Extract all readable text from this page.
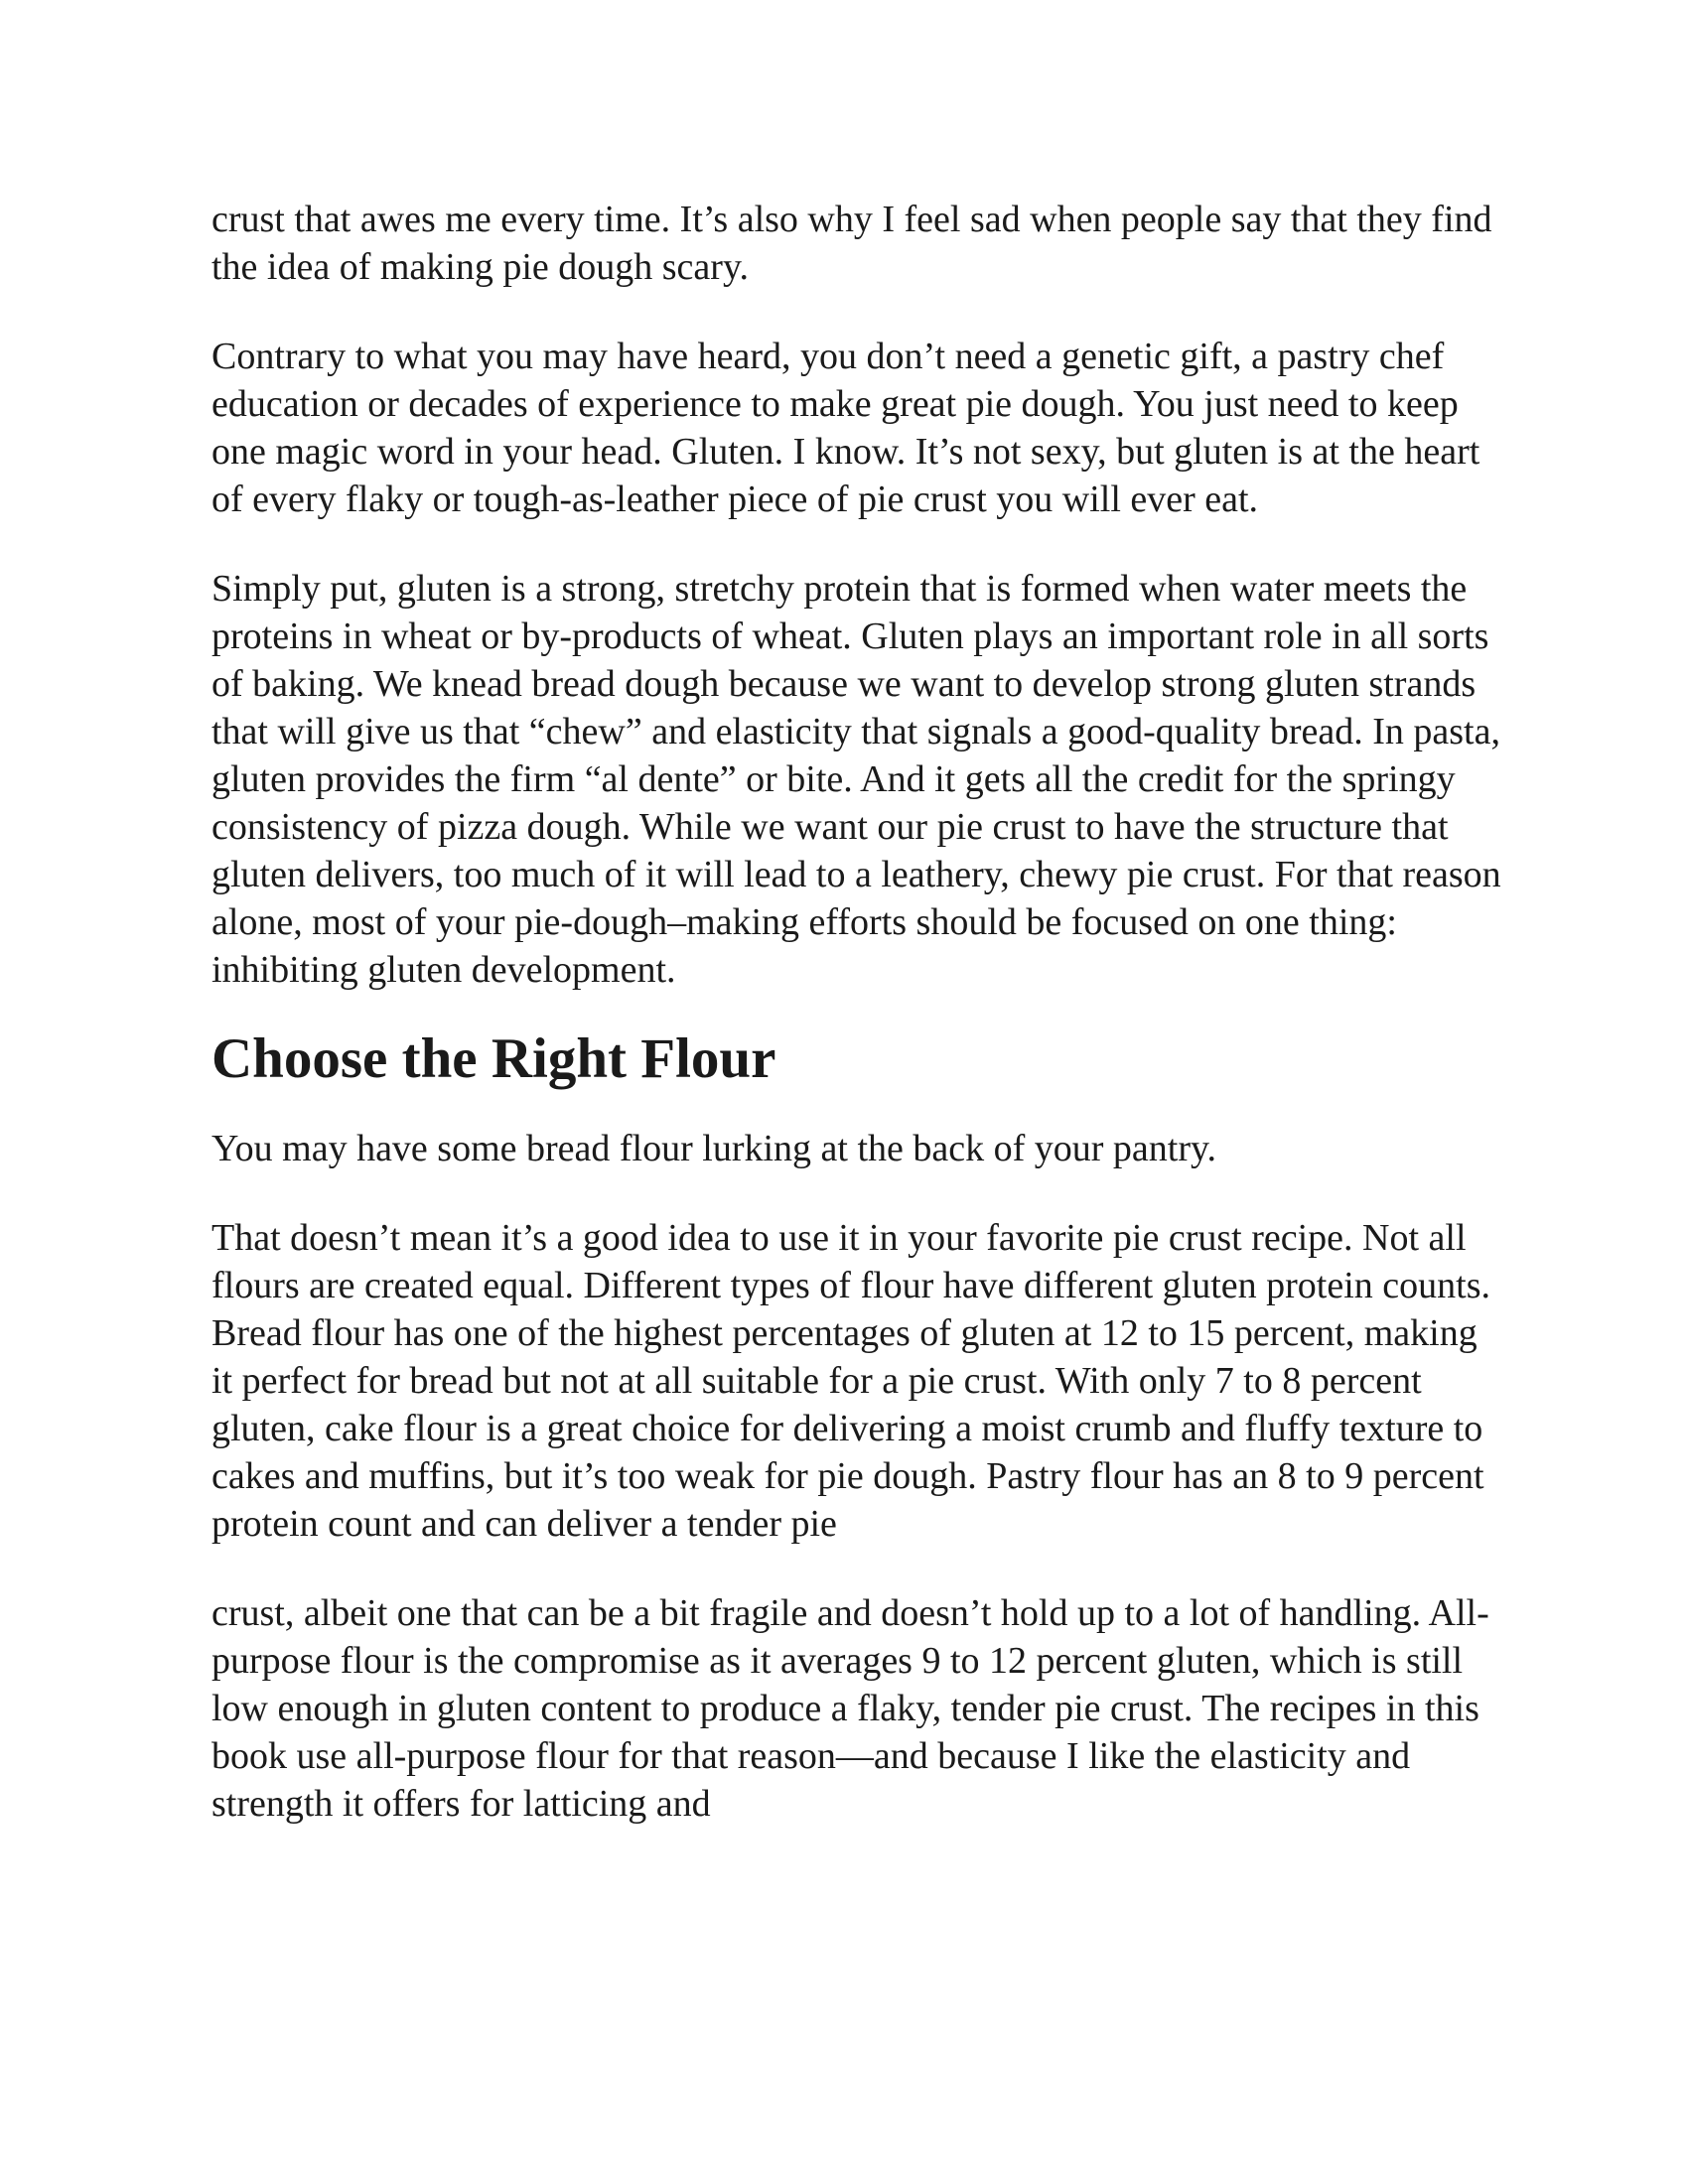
crust that awes me every time. It’s also why I feel sad when people say that they find the idea of making pie dough scary.

Contrary to what you may have heard, you don’t need a genetic gift, a pastry chef education or decades of experience to make great pie dough. You just need to keep one magic word in your head. Gluten. I know. It’s not sexy, but gluten is at the heart of every flaky or tough-as-leather piece of pie crust you will ever eat.

Simply put, gluten is a strong, stretchy protein that is formed when water meets the proteins in wheat or by-products of wheat. Gluten plays an important role in all sorts of baking. We knead bread dough because we want to develop strong gluten strands that will give us that “chew” and elasticity that signals a good-quality bread. In pasta, gluten provides the firm “al dente” or bite. And it gets all the credit for the springy consistency of pizza dough. While we want our pie crust to have the structure that gluten delivers, too much of it will lead to a leathery, chewy pie crust. For that reason alone, most of your pie-dough–making efforts should be focused on one thing: inhibiting gluten development.

Choose the Right Flour

You may have some bread flour lurking at the back of your pantry.

That doesn’t mean it’s a good idea to use it in your favorite pie crust recipe. Not all flours are created equal. Different types of flour have different gluten protein counts. Bread flour has one of the highest percentages of gluten at 12 to 15 percent, making it perfect for bread but not at all suitable for a pie crust. With only 7 to 8 percent gluten, cake flour is a great choice for delivering a moist crumb and fluffy texture to cakes and muffins, but it’s too weak for pie dough. Pastry flour has an 8 to 9 percent protein count and can deliver a tender pie

crust, albeit one that can be a bit fragile and doesn’t hold up to a lot of handling. All-purpose flour is the compromise as it averages 9 to 12 percent gluten, which is still low enough in gluten content to produce a flaky, tender pie crust. The recipes in this book use all-purpose flour for that reason—and because I like the elasticity and strength it offers for latticing and
